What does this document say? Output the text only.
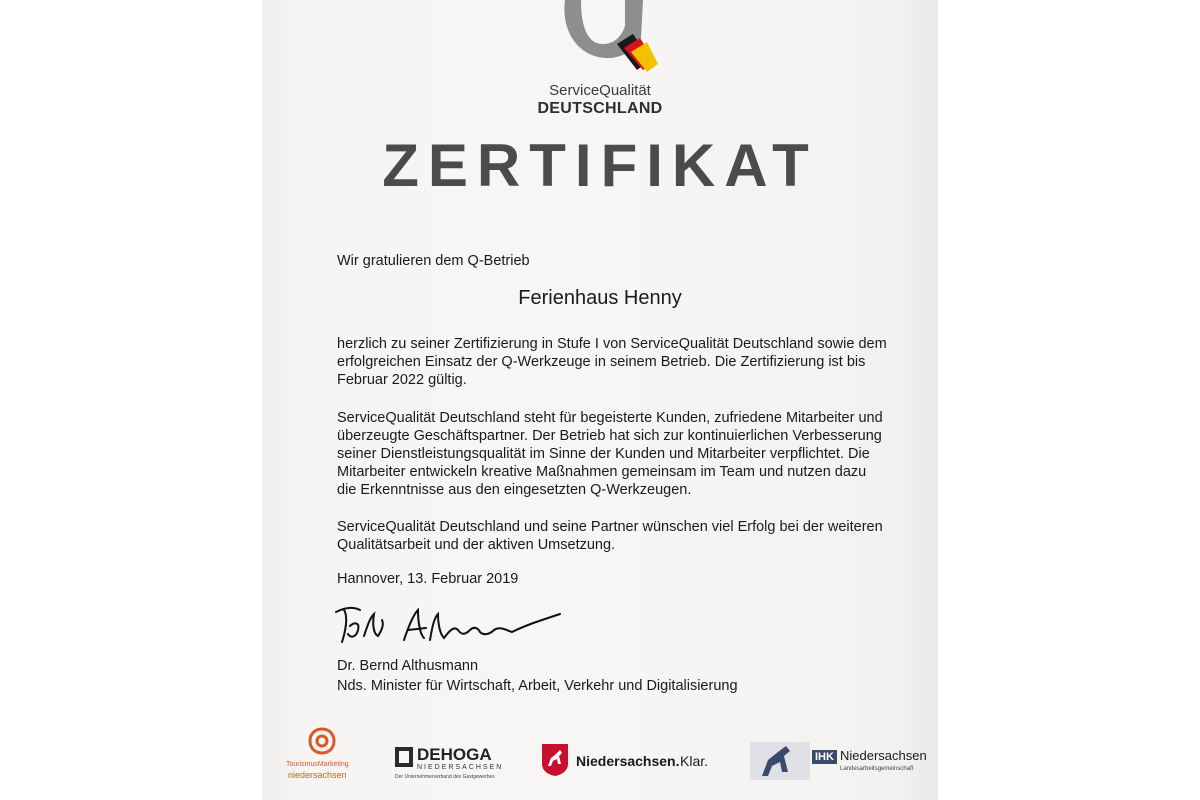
ServiceQualität
DEUTSCHLAND
ZERTIFIKAT
Wir gratulieren dem Q-Betrieb
Ferienhaus Henny
herzlich zu seiner Zertifizierung in Stufe I von ServiceQualität Deutschland sowie dem
erfolgreichen Einsatz der Q-Werkzeuge in seinem Betrieb. Die Zertifizierung ist bis
Februar 2022 gültig.
ServiceQualität Deutschland steht für begeisterte Kunden, zufriedene Mitarbeiter und
überzeugte Geschäftspartner. Der Betrieb hat sich zur kontinuierlichen Verbesserung
seiner Dienstleistungsqualität im Sinne der Kunden und Mitarbeiter verpflichtet. Die
Mitarbeiter entwickeln kreative Maßnahmen gemeinsam im Team und nutzen dazu
die Erkenntnisse aus den eingesetzten Q-Werkzeugen.
ServiceQualität Deutschland und seine Partner wünschen viel Erfolg bei der weiteren
Qualitätsarbeit und der aktiven Umsetzung.
Hannover, 13. Februar 2019
Dr. Bernd Althusmann
Nds. Minister für Wirtschaft, Arbeit, Verkehr und Digitalisierung
TourismusMarketing
niedersachsen
DEHOGA
NIEDERSACHSEN
Der Unternehmerverband des Gastgewerbes
Niedersachsen. Klar.	IHK Niedersachsen
Landesarbeitsgemeinschaft
